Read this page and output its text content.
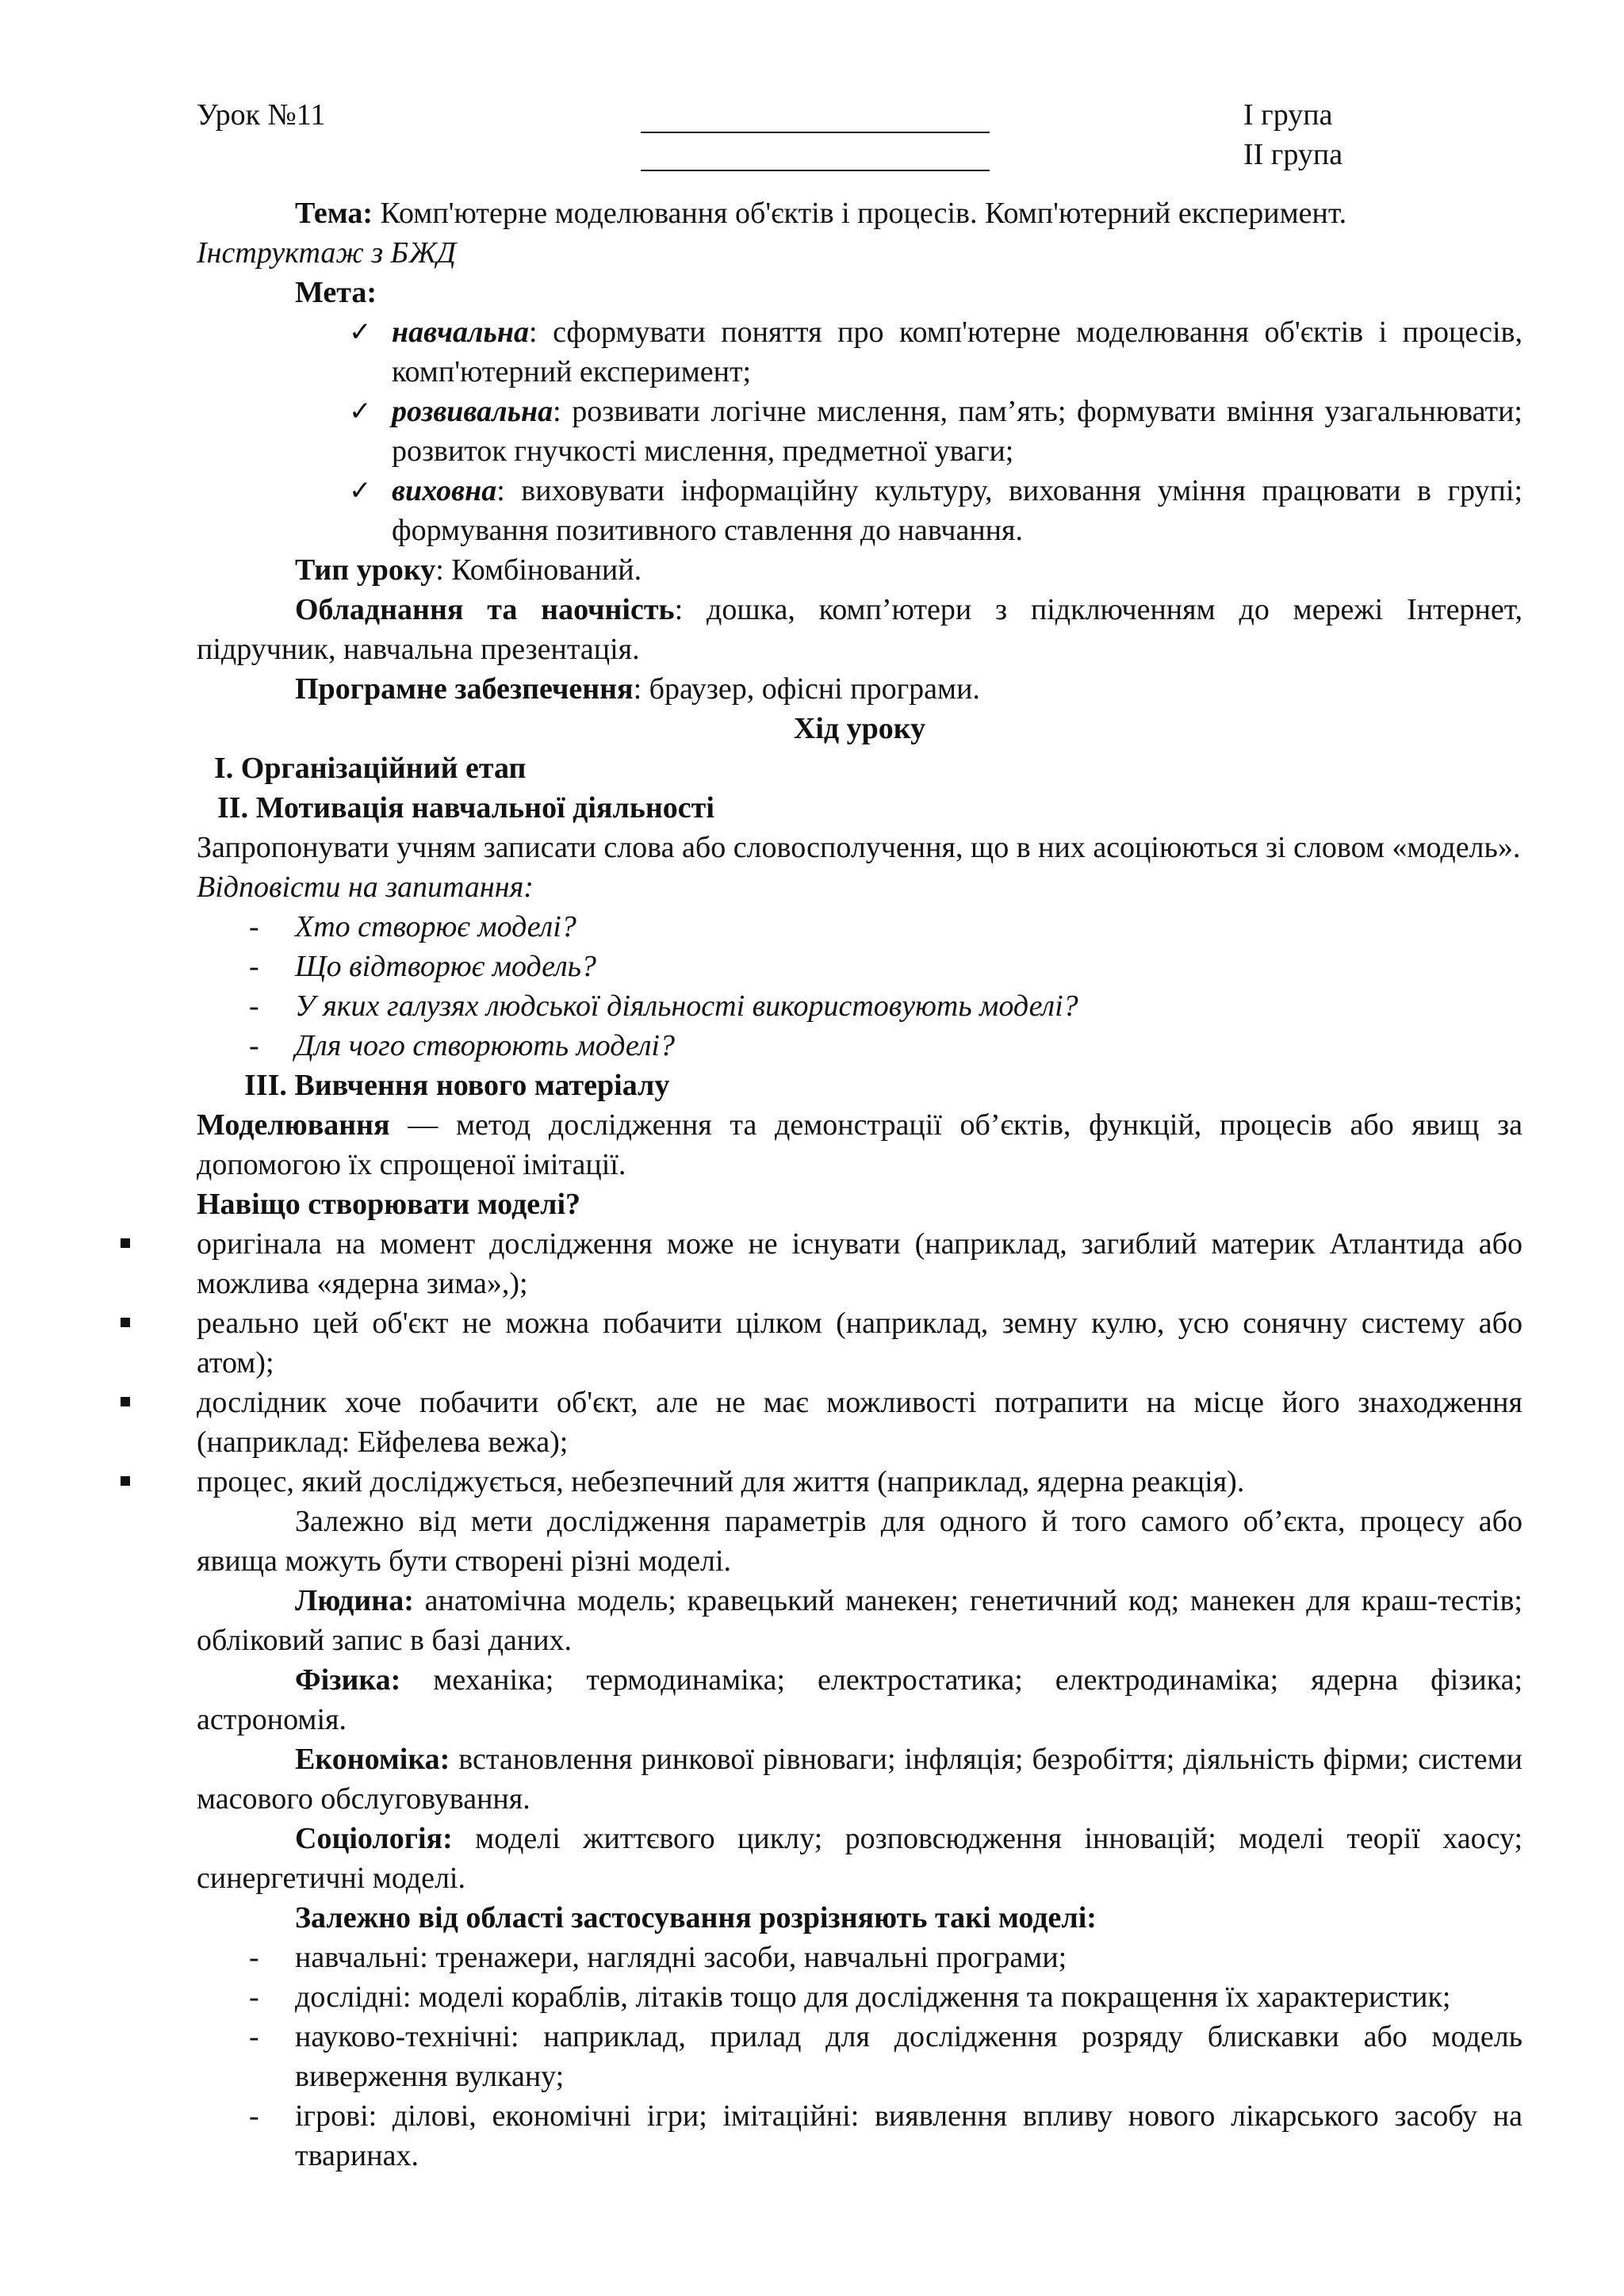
Урок №11	І група
ІІ група

Тема: Комп'ютерне моделювання об'єктів і процесів. Комп'ютерний експеримент.
Інструктаж з БЖД

Мета:

✓ навчальна: сформувати поняття про комп'ютерне моделювання об'єктів і процесів, комп'ютерний експеримент;
✓ розвивальна: розвивати логічне мислення, пам’ять; формувати вміння узагальнювати; розвиток гнучкості мислення, предметної уваги;
✓ виховна: виховувати інформаційну культуру, виховання уміння працювати в групі; формування позитивного ставлення до навчання.

Тип уроку: Комбінований.

Обладнання та наочність: дошка, комп’ютери з підключенням до мережі Інтернет, підручник, навчальна презентація.

Програмне забезпечення: браузер, офісні програми.

Хід уроку

І. Організаційний етап

ІІ. Мотивація навчальної діяльності

Запропонувати учням записати слова або словосполучення, що в них асоціюються зі словом «модель».

Відповісти на запитання:

- Хто створює моделі?
- Що відтворює модель?
- У яких галузях людської діяльності використовують моделі?
- Для чого створюють моделі?

ІІІ. Вивчення нового матеріалу

Моделювання — метод дослідження та демонстрації об’єктів, функцій, процесів або явищ за допомогою їх спрощеної імітації.

Навіщо створювати моделі?

оригінала на момент дослідження може не існувати (наприклад, загиблий материк Атлантида або можлива «ядерна зима»,);
реально цей об'єкт не можна побачити цілком (наприклад, земну кулю, усю сонячну систему або атом);
дослідник хоче побачити об'єкт, але не має можливості потрапити на місце його знаходження (наприклад: Ейфелева вежа);
процес, який досліджується, небезпечний для життя (наприклад, ядерна реакція).

Залежно від мети дослідження параметрів для одного й того самого об’єкта, процесу або явища можуть бути створені різні моделі.

Людина: анатомічна модель; кравецький манекен; генетичний код; манекен для краш-тестів; обліковий запис в базі даних.

Фізика: механіка; термодинаміка; електростатика; електродинаміка; ядерна фізика; астрономія.

Економіка: встановлення ринкової рівноваги; інфляція; безробіття; діяльність фірми; системи масового обслуговування.

Соціологія: моделі життєвого циклу; розповсюдження інновацій; моделі теорії хаосу; синергетичні моделі.

Залежно від області застосування розрізняють такі моделі:

- навчальні: тренажери, наглядні засоби, навчальні програми;
- дослідні: моделі кораблів, літаків тощо для дослідження та покращення їх характеристик;
- науково-технічні: наприклад, прилад для дослідження розряду блискавки або модель виверження вулкану;
- ігрові: ділові, економічні ігри; імітаційні: виявлення впливу нового лікарського засобу на тваринах.
